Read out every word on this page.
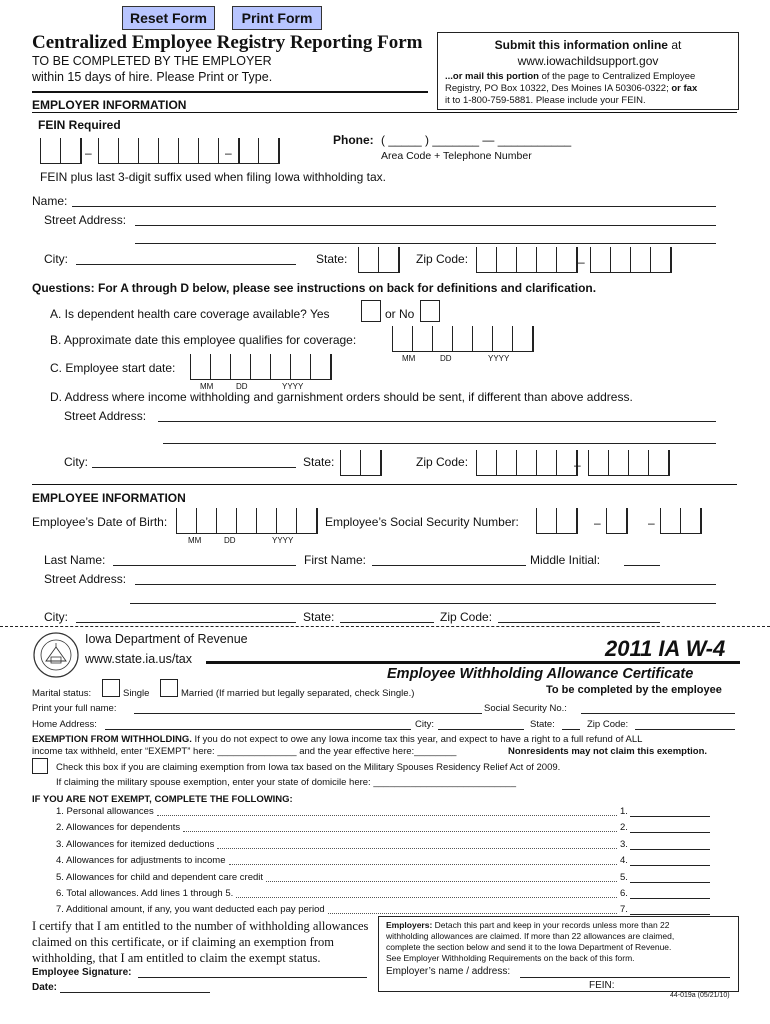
Reset Form	Print Form
Centralized Employee Registry Reporting Form
TO BE COMPLETED BY THE EMPLOYER
within 15 days of hire. Please Print or Type.
Submit this information online at
www.iowachildsupport.gov
...or mail this portion of the page to Centralized Employee
Registry, PO Box 10322, Des Moines IA 50306-0322; or fax
it to 1-800-759-5881. Please include your FEIN.
EMPLOYER INFORMATION
FEIN Required
–	–
Phone: ( _____ ) _______ — ___________
Area Code + Telephone Number
FEIN plus last 3-digit suffix used when filing Iowa withholding tax.
Name:
Street Address:
City:	State:	Zip Code:	–
Questions: For A through D below, please see instructions on back for definitions and clarification.
A. Is dependent health care coverage available? Yes	or No
B. Approximate date this employee qualifies for coverage:
MM	DD	YYYY
C. Employee start date:
MM	DD	YYYY
D. Address where income withholding and garnishment orders should be sent, if different than above address.
Street Address:
City:	State:	Zip Code:	–
EMPLOYEE INFORMATION
Employee’s Date of Birth:
MM	DD	YYYY
Employee’s Social Security Number:	–	–
Last Name:	First Name:	Middle Initial:
Street Address:
City:	State:	Zip Code:
Iowa Department of Revenue
www.state.ia.us/tax	2011 IA W-4
Employee Withholding Allowance Certificate
To be completed by the employee
Marital status:	Single	Married (If married but legally separated, check Single.)
Print your full name:	Social Security No.:
Home Address:	City:	State:	Zip Code:
EXEMPTION FROM WITHHOLDING. If you do not expect to owe any Iowa income tax this year, and expect to have a right to a full refund of ALL
income tax withheld, enter “EXEMPT” here: _______________ and the year effective here:________	Nonresidents may not claim this exemption.
Check this box if you are claiming exemption from Iowa tax based on the Military Spouses Residency Relief Act of 2009.
If claiming the military spouse exemption, enter your state of domicile here: ___________________________
IF YOU ARE NOT EXEMPT, COMPLETE THE FOLLOWING:
1. Personal allowances	1.
2. Allowances for dependents	2.
3. Allowances for itemized deductions	3.
4. Allowances for adjustments to income	4.
5. Allowances for child and dependent care credit	5.
6. Total allowances. Add lines 1 through 5.	6.
7. Additional amount, if any, you want deducted each pay period	7.
I certify that I am entitled to the number of withholding allowances
claimed on this certificate, or if claiming an exemption from
withholding, that I am entitled to claim the exempt status.
Employee Signature:
Date:
Employers: Detach this part and keep in your records unless more than 22
withholding allowances are claimed. If more than 22 allowances are claimed,
complete the section below and send it to the Iowa Department of Revenue.
See Employer Withholding Requirements on the back of this form.
Employer’s name / address:
FEIN:
44-019a (05/21/10)
